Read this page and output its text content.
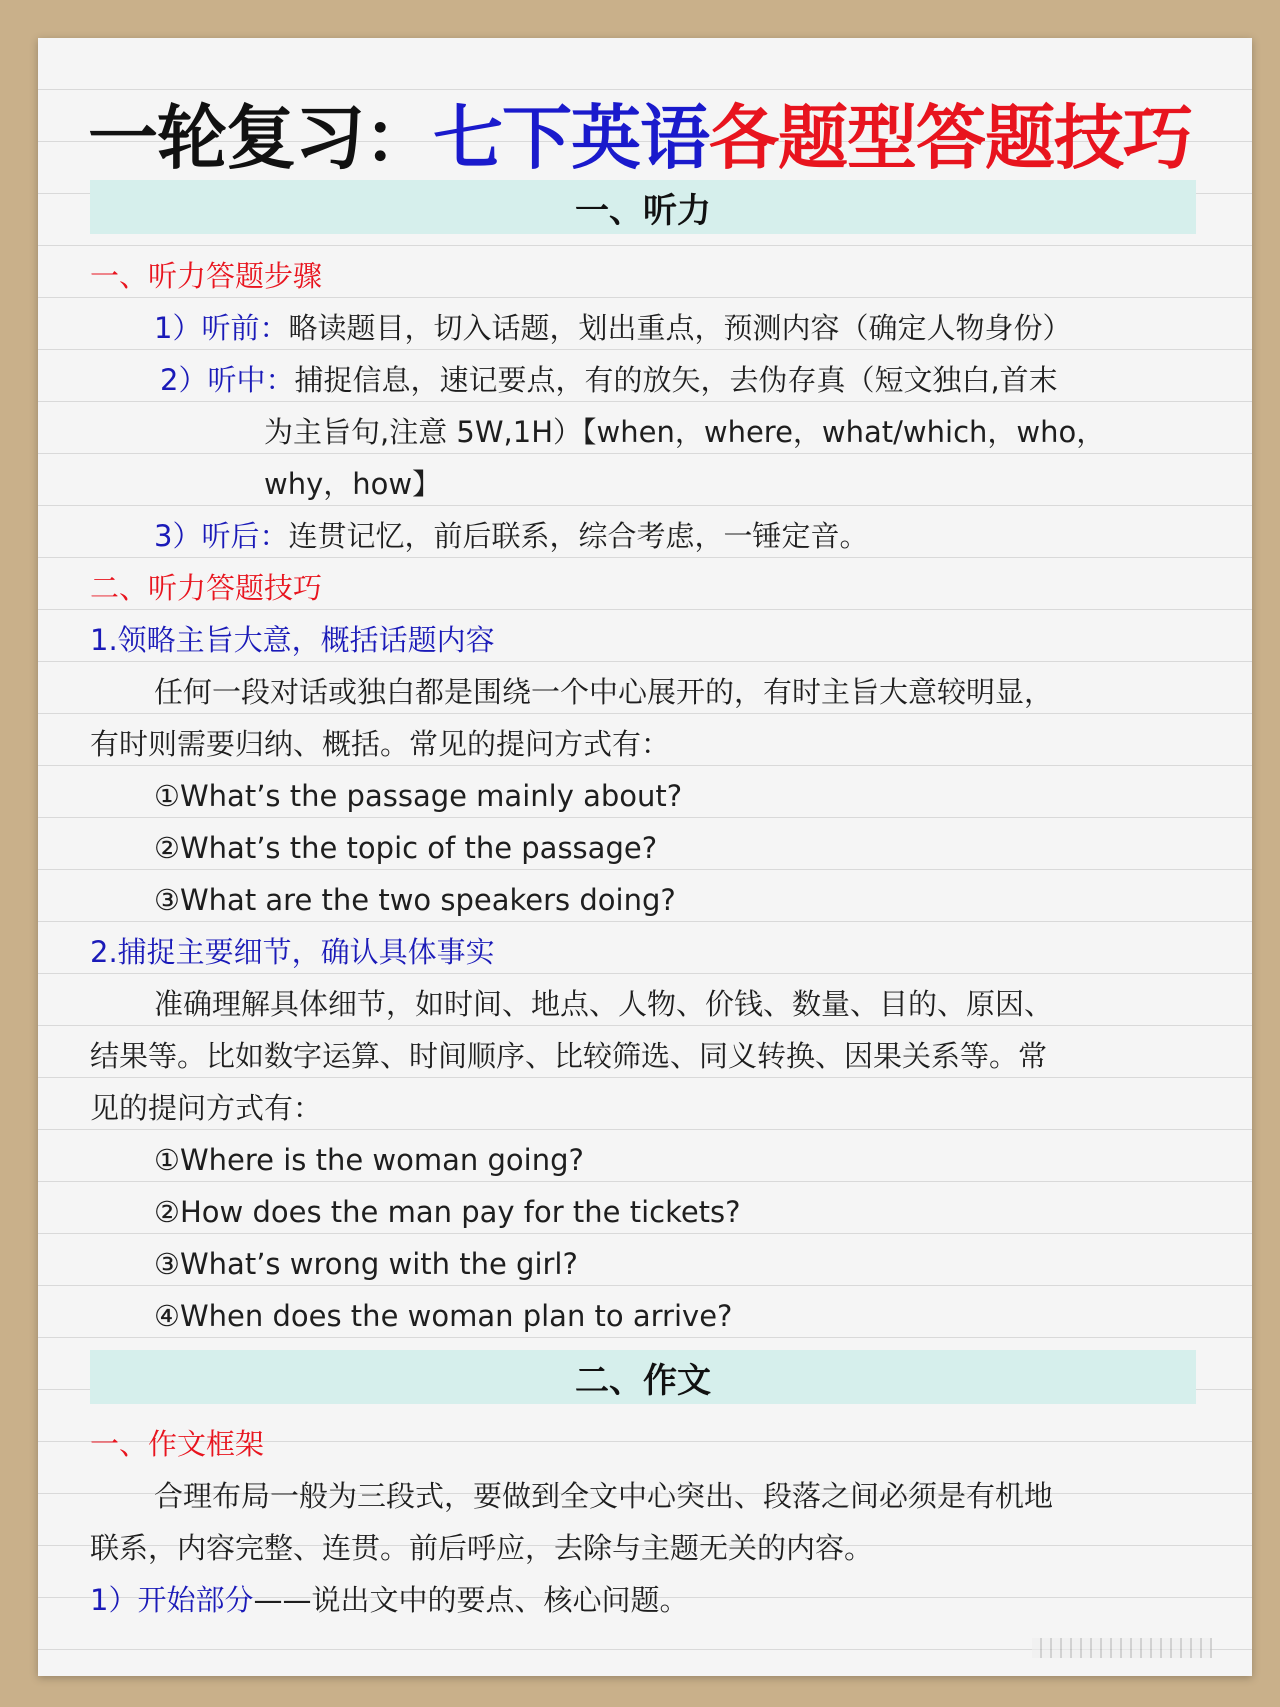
一轮复习：七下英语各题型答题技巧
一、听力
一、听力答题步骤
1）听前：略读题目，切入话题，划出重点，预测内容（确定人物身份）
2）听中：捕捉信息，速记要点，有的放矢，去伪存真（短文独白,首末
为主旨句,注意 5W,1H）【when，where，what/which，who，
why，how】
3）听后：连贯记忆，前后联系，综合考虑，一锤定音。
二、听力答题技巧
1.领略主旨大意，概括话题内容
任何一段对话或独白都是围绕一个中心展开的，有时主旨大意较明显，
有时则需要归纳、概括。常见的提问方式有：
①What’s the passage mainly about?
②What’s the topic of the passage?
③What are the two speakers doing?
2.捕捉主要细节，确认具体事实
准确理解具体细节，如时间、地点、人物、价钱、数量、目的、原因、
结果等。比如数字运算、时间顺序、比较筛选、同义转换、因果关系等。常
见的提问方式有：
①Where is the woman going?
②How does the man pay for the tickets?
③What’s wrong with the girl?
④When does the woman plan to arrive?
二、作文
一、作文框架
合理布局一般为三段式，要做到全文中心突出、段落之间必须是有机地
联系，内容完整、连贯。前后呼应，去除与主题无关的内容。
1）开始部分——说出文中的要点、核心问题。
